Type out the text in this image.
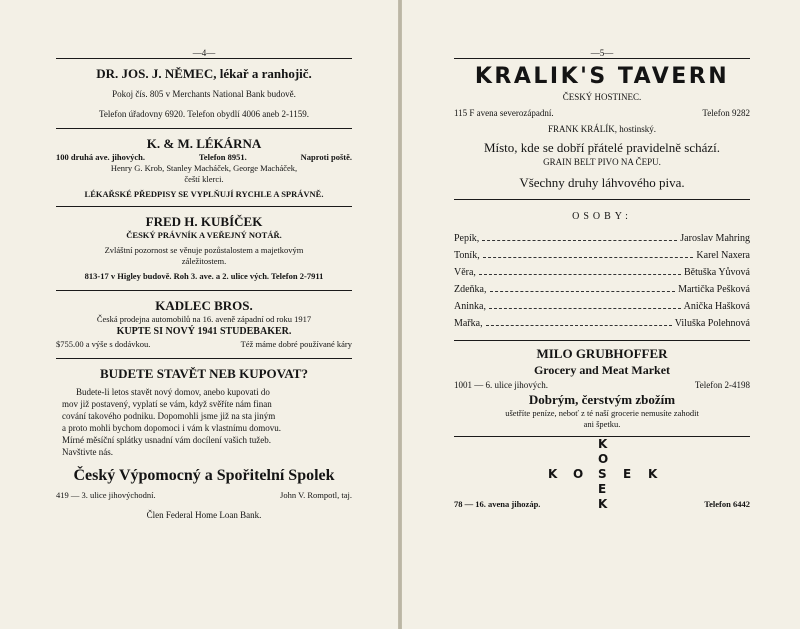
—4—
DR. JOS. J. NĚMEC, lékař a ranhojič.
Pokoj čís. 805 v Merchants National Bank budově.
Telefon úřadovny 6920. Telefon obydlí 4006 aneb 2-1159.
K. & M. LÉKÁRNA
100 druhá ave. jihových.	Telefon 8951.	Naproti poště.
Henry G. Krob, Stanley Macháček, George Macháček,
čeští klerci.
LÉKAŘSKÉ PŘEDPISY SE VYPLŇUJÍ RYCHLE A SPRÁVNĚ.
FRED H. KUBÍČEK
ČESKÝ PRÁVNÍK A VEŘEJNÝ NOTÁŘ.
Zvláštní pozornost se věnuje pozůstalostem a majetkovým
záležitostem.
813-17 v Higley budově. Roh 3. ave. a 2. ulice vých. Telefon 2-7911
KADLEC BROS.
Česká prodejna automobilů na 16. aveně západní od roku 1917
KUPTE SI NOVÝ 1941 STUDEBAKER.
$755.00 a výše s dodávkou.	Též máme dobré používané káry
BUDETE STAVĚT NEB KUPOVAT?
Budete-li letos stavět nový domov, anebo kupovati do
mov již postavený, vyplatí se vám, když svěříte nám finan
cování takového podniku. Dopomohli jsme již na sta jiným
a proto mohli bychom dopomoci i vám k vlastnímu domovu.
Mírné měsíční splátky usnadní vám docílení vašich tužeb.
Navštivte nás.
Český Výpomocný a Spořitelní Spolek
419 — 3. ulice jihovýchodní.	John V. Rompotl, taj.
Člen Federal Home Loan Bank.
—5—
KRALIK'S TAVERN
ČESKÝ HOSTINEC.
115 F avena severozápadní.	Telefon 9282
FRANK KRÁLÍK, hostinský.
Místo, kde se dobří přátelé pravidelně schází.
GRAIN BELT PIVO NA ČEPU.
Všechny druhy láhvového piva.
OSOBY:
Pepík,	Jaroslav Mahring
Toník,	Karel Naxera
Věra,	Bětuška Yůvová
Zdeňka,	Martička Pešková
Aninka,	Anička Hašková
Mařka,	Viluška Polehnová
MILO GRUBHOFFER
Grocery and Meat Market
1001 — 6. ulice jihových.	Telefon 2-4198
Dobrým, čerstvým zbožím
ušetříte peníze, neboť z té naší grocerie nemusíte zahodit
ani špetku.
K
O
S
E
K
K O	E K
78 — 16. avena jihozáp.	Telefon 6442
